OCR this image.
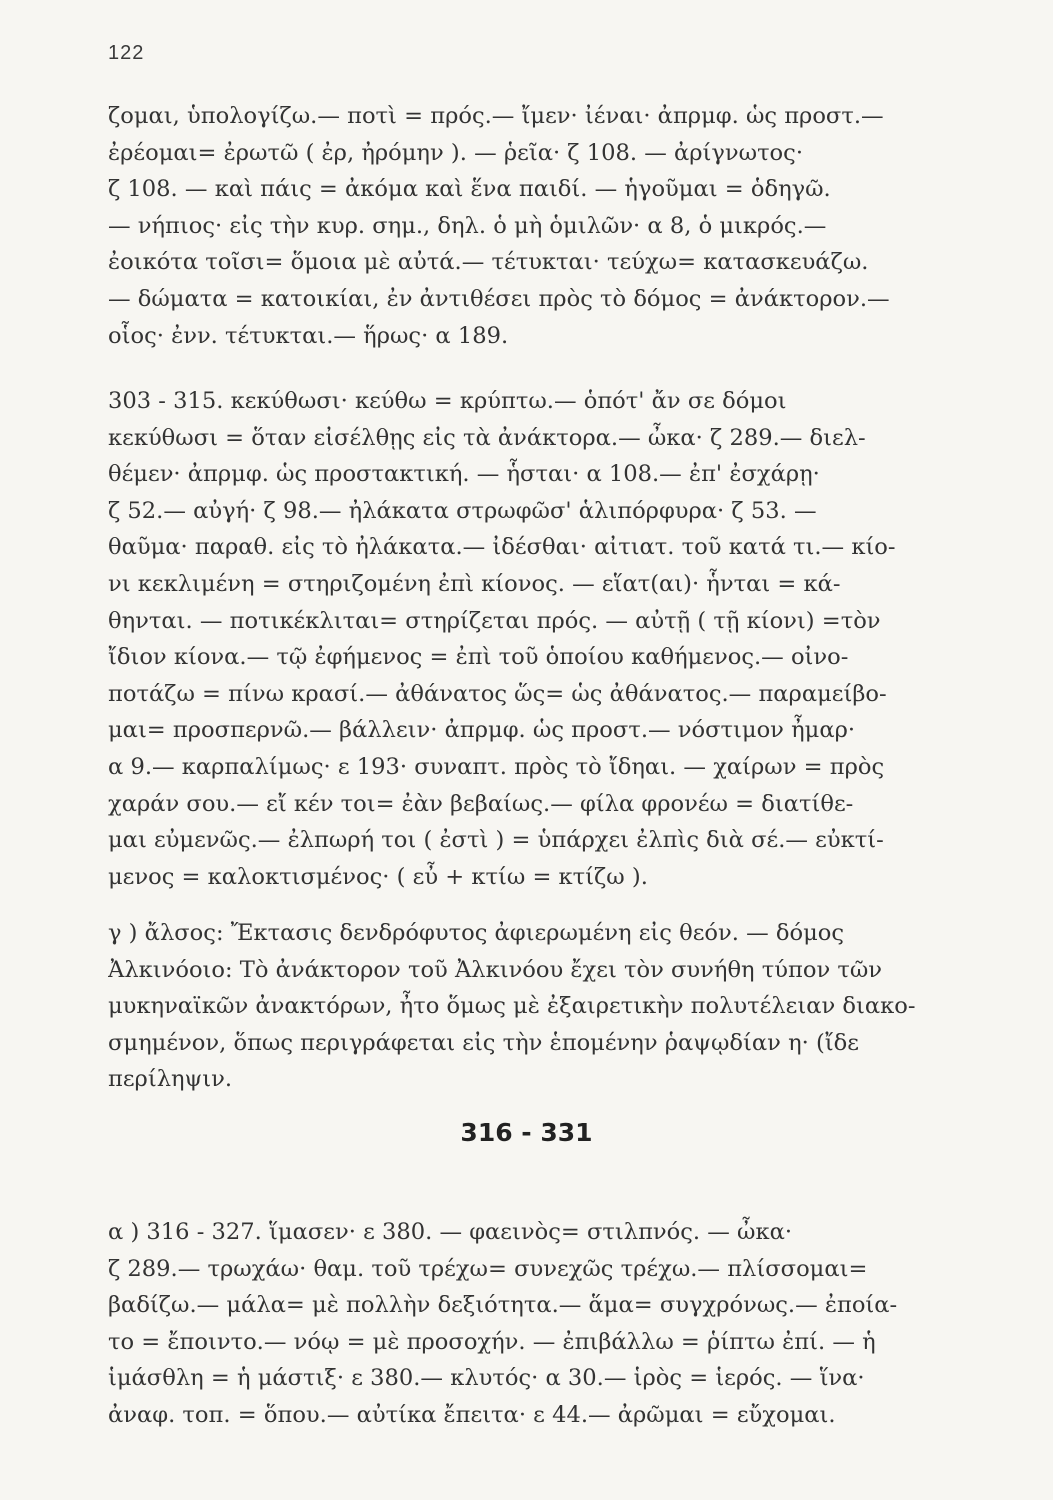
122
ζομαι, ὑπολογίζω.— ποτὶ = πρός.— ἴμεν· ἰέναι· ἀπρμφ. ὡς προστ.—
ἐρέομαι= ἐρωτῶ ( ἐρ, ἠρόμην ). — ῥεῖα· ζ 108. — ἀρίγνωτος·
ζ 108. — καὶ πάις = ἀκόμα καὶ ἕνα παιδί. — ἡγοῦμαι = ὁδηγῶ.
— νήπιος· εἰς τὴν κυρ. σημ., δηλ. ὁ μὴ ὁμιλῶν· α 8, ὁ μικρός.—
ἐοικότα τοῖσι= ὅμοια μὲ αὐτά.— τέτυκται· τεύχω= κατασκευάζω.
— δώματα = κατοικίαι, ἐν ἀντιθέσει πρὸς τὸ δόμος = ἀνάκτορον.—
οἷος· ἐνν. τέτυκται.— ἥρως· α 189.
303 - 315. κεκύθωσι· κεύθω = κρύπτω.— ὁπότ' ἄν σε δόμοι
κεκύθωσι = ὅταν εἰσέλθῃς εἰς τὰ ἀνάκτορα.— ὦκα· ζ 289.— διελ-
θέμεν· ἀπρμφ. ὡς προστακτική. — ἧσται· α 108.— ἐπ' ἐσχάρῃ·
ζ 52.— αὐγή· ζ 98.— ἠλάκατα στρωφῶσ' ἁλιπόρφυρα· ζ 53. —
θαῦμα· παραθ. εἰς τὸ ἠλάκατα.— ἰδέσθαι· αἰτιατ. τοῦ κατά τι.— κίο-
νι κεκλιμένη = στηριζομένη ἐπὶ κίονος. — εἵατ(αι)· ἧνται = κά-
θηνται. — ποτικέκλιται= στηρίζεται πρός. — αὐτῇ ( τῇ κίονι) =τὸν
ἴδιον κίονα.— τῷ ἐφήμενος = ἐπὶ τοῦ ὁποίου καθήμενος.— οἰνο-
ποτάζω = πίνω κρασί.— ἀθάνατος ὥς= ὡς ἀθάνατος.— παραμείβο-
μαι= προσπερνῶ.— βάλλειν· ἀπρμφ. ὡς προστ.— νόστιμον ἦμαρ·
α 9.— καρπαλίμως· ε 193· συναπτ. πρὸς τὸ ἴδηαι. — χαίρων = πρὸς
χαράν σου.— εἴ κέν τοι= ἐὰν βεβαίως.— φίλα φρονέω = διατίθε-
μαι εὐμενῶς.— ἐλπωρή τοι ( ἐστὶ ) = ὑπάρχει ἐλπὶς διὰ σέ.— εὐκτί-
μενος = καλοκτισμένος· ( εὖ + κτίω = κτίζω ).
γ ) ἄλσος: Ἔκτασις δενδρόφυτος ἀφιερωμένη εἰς θεόν. — δόμος
Ἀλκινόοιο: Τὸ ἀνάκτορον τοῦ Ἀλκινόου ἔχει τὸν συνήθη τύπον τῶν
μυκηναϊκῶν ἀνακτόρων, ἦτο ὅμως μὲ ἐξαιρετικὴν πολυτέλειαν διακο-
σμημένον, ὅπως περιγράφεται εἰς τὴν ἑπομένην ῥαψῳδίαν η· (ἴδε
περίληψιν.
316 - 331
α ) 316 - 327. ἵμασεν· ε 380. — φαεινὸς= στιλπνός. — ὦκα·
ζ 289.— τρωχάω· θαμ. τοῦ τρέχω= συνεχῶς τρέχω.— πλίσσομαι=
βαδίζω.— μάλα= μὲ πολλὴν δεξιότητα.— ἅμα= συγχρόνως.— ἐποία-
το = ἔποιντο.— νόῳ = μὲ προσοχήν. — ἐπιβάλλω = ῥίπτω ἐπί. — ἡ
ἱμάσθλη = ἡ μάστιξ· ε 380.— κλυτός· α 30.— ἱρὸς = ἱερός. — ἵνα·
ἀναφ. τοπ. = ὅπου.— αὐτίκα ἔπειτα· ε 44.— ἀρῶμαι = εὔχομαι.
